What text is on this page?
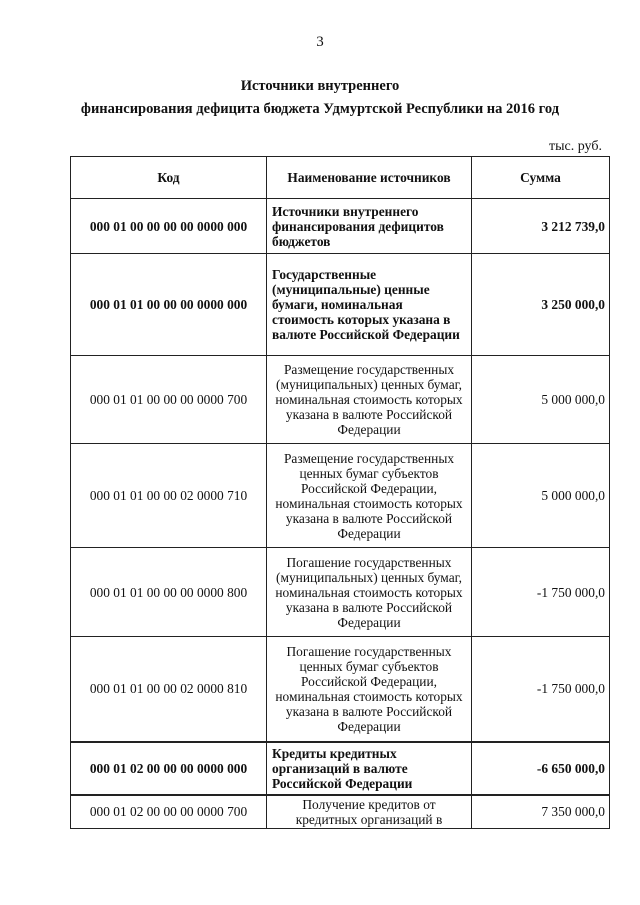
3
Источники внутреннего
финансирования дефицита бюджета Удмуртской Республики на 2016 год
тыс. руб.
Код	Наименование источников	Сумма
000 01 00 00 00 00 0000 000	Источники внутреннего финансирования дефицитов бюджетов	3 212 739,0
000 01 01 00 00 00 0000 000	Государственные (муниципальные) ценные бумаги, номинальная стоимость которых указана в валюте Российской Федерации	3 250 000,0
000 01 01 00 00 00 0000 700	Размещение государственных (муниципальных) ценных бумаг, номинальная стоимость которых указана в валюте Российской Федерации	5 000 000,0
000 01 01 00 00 02 0000 710	Размещение государственных ценных бумаг субъектов Российской Федерации, номинальная стоимость которых указана в валюте Российской Федерации	5 000 000,0
000 01 01 00 00 00 0000 800	Погашение государственных (муниципальных) ценных бумаг, номинальная стоимость которых указана в валюте Российской Федерации	-1 750 000,0
000 01 01 00 00 02 0000 810	Погашение государственных ценных бумаг субъектов Российской Федерации, номинальная стоимость которых указана в валюте Российской Федерации	-1 750 000,0
000 01 02 00 00 00 0000 000	Кредиты кредитных организаций в валюте Российской Федерации	-6 650 000,0
000 01 02 00 00 00 0000 700	Получение кредитов от кредитных организаций в	7 350 000,0
